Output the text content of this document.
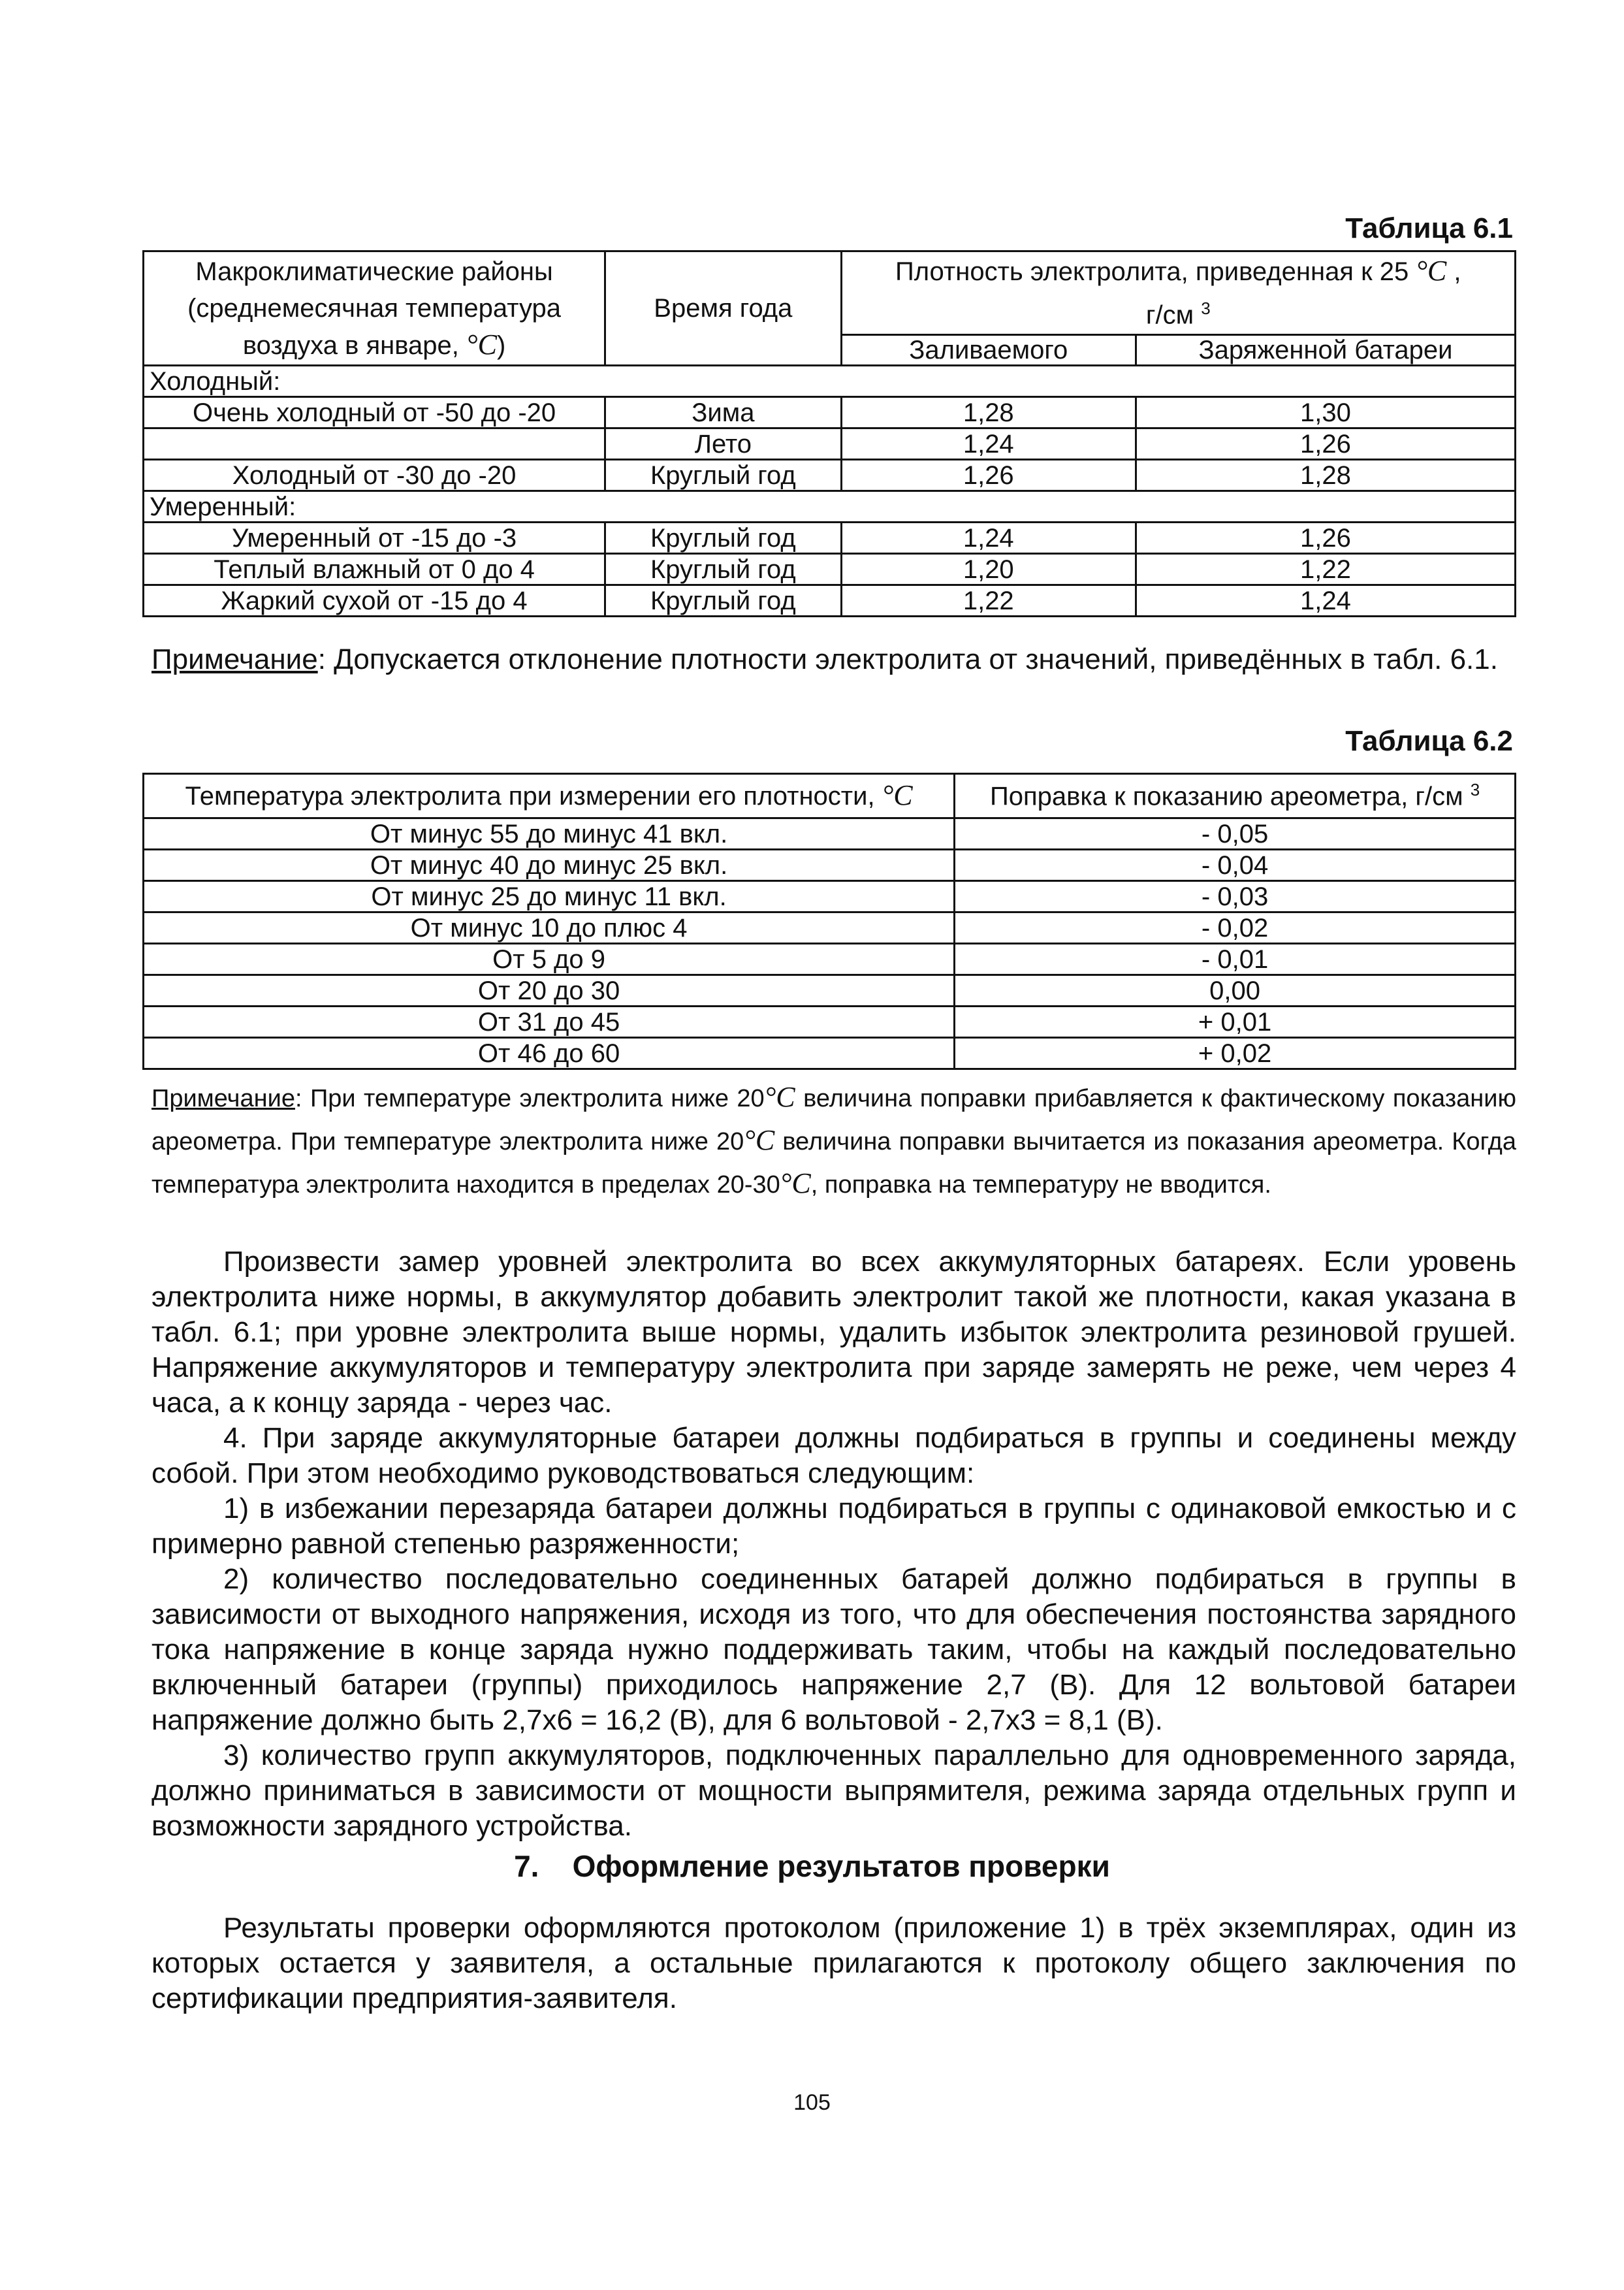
Таблица 6.1
Макроклиматические районы
(среднемесячная температура
воздуха в январе, °C)	Время года	Плотность электролита, приведенная к 25 °C ,
г/см $^3$
		Заливаемого	Заряженной батареи
Холодный:			
Очень холодный от -50 до -20	Зима	1,28	1,30
	Лето	1,24	1,26
Холодный от -30 до -20	Круглый год	1,26	1,28
Умеренный:			
Умеренный от -15 до -3	Круглый год	1,24	1,26
Теплый влажный от 0 до 4	Круглый год	1,20	1,22
Жаркий сухой от -15 до 4	Круглый год	1,22	1,24
Примечание: Допускается отклонение плотности электролита от значений, приведённых в табл. 6.1.
Таблица 6.2
Температура электролита при измерении его плотности, °C	Поправка к показанию ареометра, г/см $^3$
От минус 55 до минус 41 вкл.	- 0,05
От минус 40 до минус 25 вкл.	- 0,04
От минус 25 до минус 11 вкл.	- 0,03
От минус 10 до плюс 4	- 0,02
От 5 до 9	- 0,01
От 20 до 30	0,00
От 31 до 45	+ 0,01
От 46 до 60	+ 0,02
Примечание: При температуре электролита ниже 20°C величина поправки прибавляется к фактическому показанию ареометра. При температуре электролита ниже 20°C величина поправки вычитается из показания ареометра. Когда температура электролита находится в пределах 20-30°C, поправка на температуру не вводится.

Произвести замер уровней электролита во всех аккумуляторных батареях. Если уровень электролита ниже нормы, в аккумулятор добавить электролит такой же плотности, какая указана в табл. 6.1; при уровне электролита выше нормы, удалить избыток электролита резиновой грушей. Напряжение аккумуляторов и температуру электролита при заряде замерять не реже, чем через 4 часа, а к концу заряда - через час.

4. При заряде аккумуляторные батареи должны подбираться в группы и соединены между собой. При этом необходимо руководствоваться следующим:

1) в избежании перезаряда батареи должны подбираться в группы с одинаковой емкостью и с примерно равной степенью разряженности;

2) количество последовательно соединенных батарей должно подбираться в группы в зависимости от выходного напряжения, исходя из того, что для обеспечения постоянства зарядного тока напряжение в конце заряда нужно поддерживать таким, чтобы на каждый последовательно включенный батареи (группы) приходилось напряжение 2,7 (В). Для 12 вольтовой батареи напряжение должно быть 2,7x6 = 16,2 (В), для 6 вольтовой - 2,7x3 = 8,1 (В).

3) количество групп аккумуляторов, подключенных параллельно для одновременного заряда, должно приниматься в зависимости от мощности выпрямителя, режима заряда отдельных групп и возможности зарядного устройства.

7. Оформление результатов проверки

Результаты проверки оформляются протоколом (приложение 1) в трёх экземплярах, один из которых остается у заявителя, а остальные прилагаются к протоколу общего заключения по сертификации предприятия-заявителя.

105
